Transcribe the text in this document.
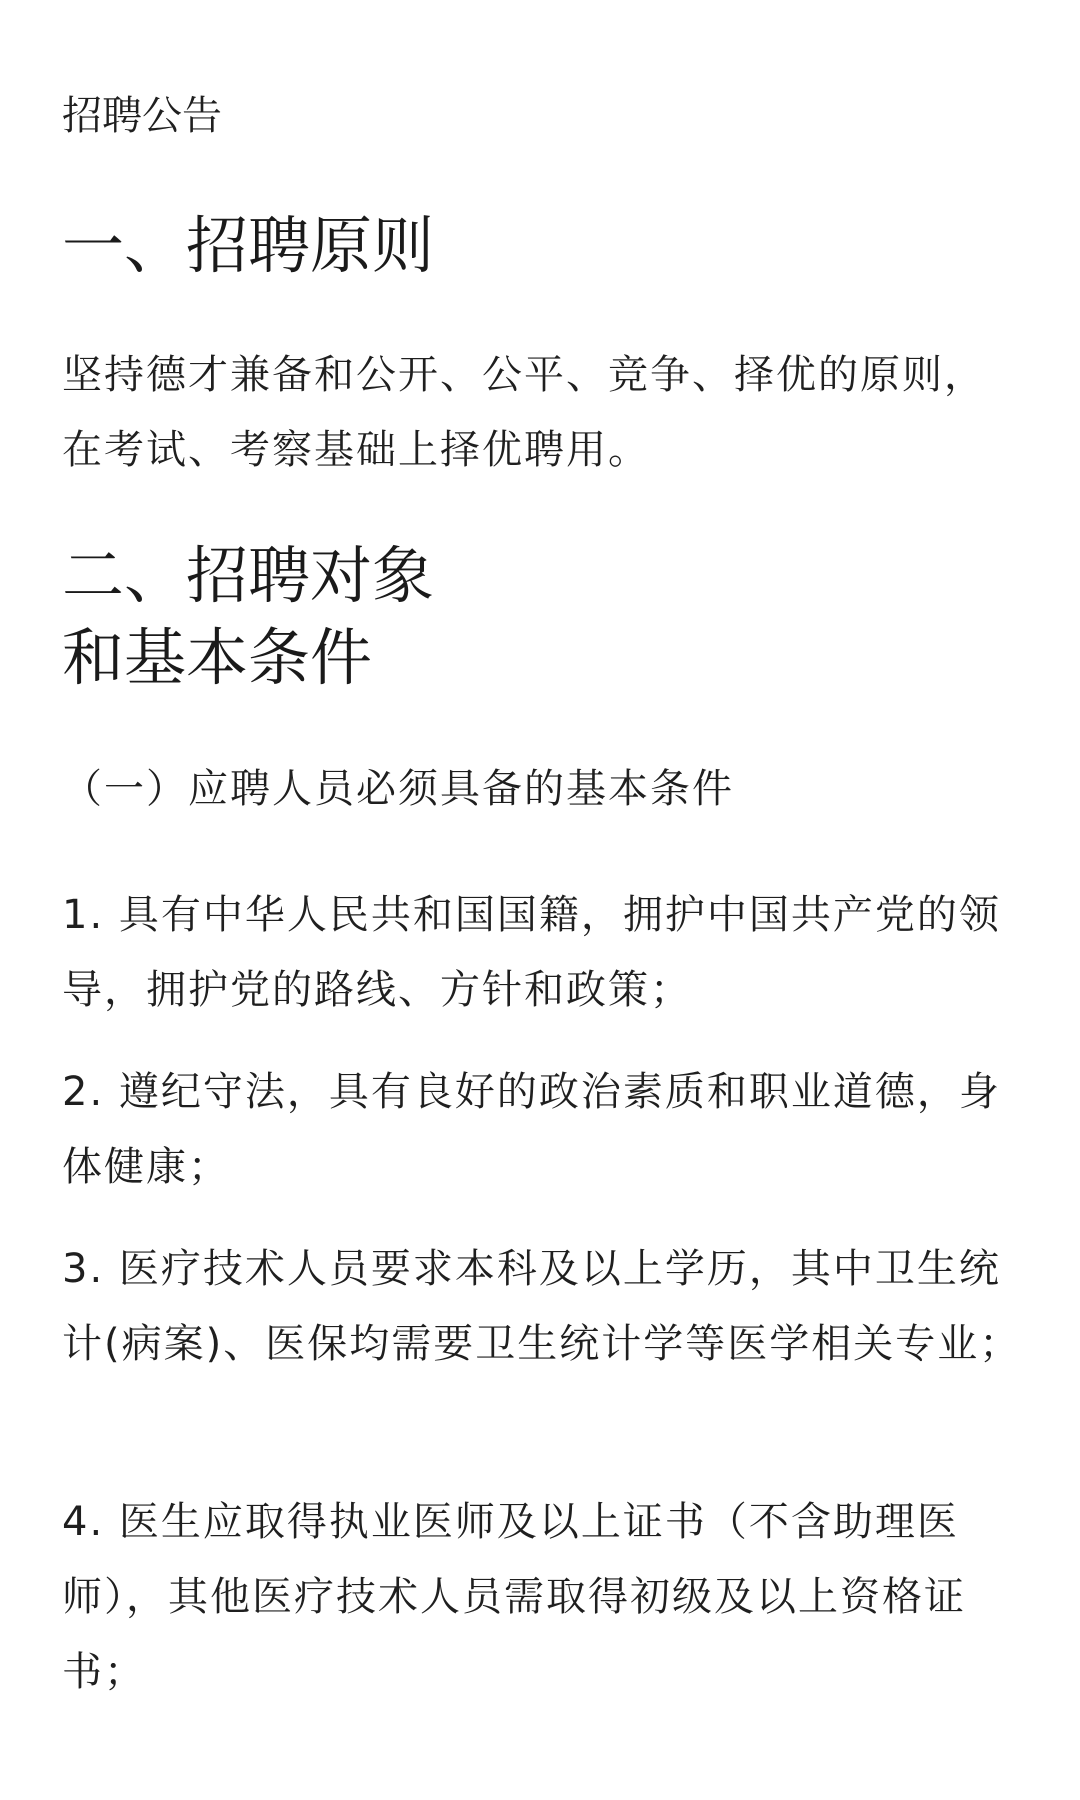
招聘公告
一、招聘原则

坚持德才兼备和公开、公平、竞争、择优的原则，在考试、考察基础上择优聘用。

二、招聘对象
和基本条件

（一）应聘人员必须具备的基本条件

1. 具有中华人民共和国国籍，拥护中国共产党的领导，拥护党的路线、方针和政策；

2. 遵纪守法，具有良好的政治素质和职业道德，身体健康；

3. 医疗技术人员要求本科及以上学历，其中卫生统计(病案)、医保均需要卫生统计学等医学相关专业；

4. 医生应取得执业医师及以上证书（不含助理医师），其他医疗技术人员需取得初级及以上资格证书；
